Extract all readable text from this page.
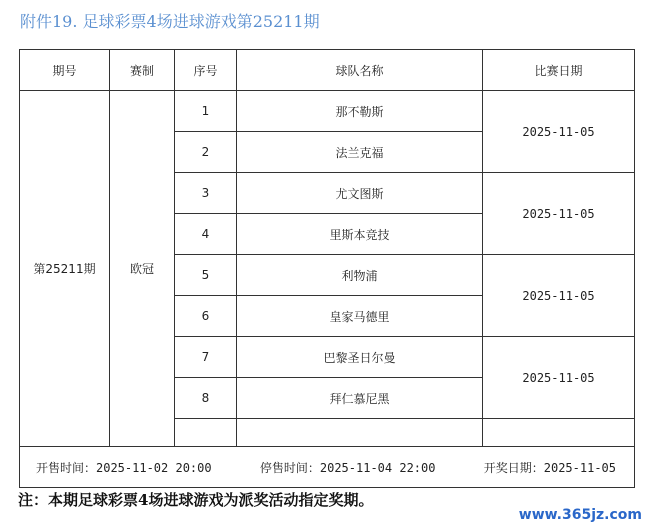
附件19. 足球彩票4场进球游戏第25211期
期号	赛制	序号	球队名称	比赛日期
第25211期	欧冠	1	那不勒斯	2025-11-05
		2	法兰克福	
		3	尤文图斯	2025-11-05
		4	里斯本竞技	
		5	利物浦	2025-11-05
		6	皇家马德里	
		7	巴黎圣日尔曼	2025-11-05
		8	拜仁慕尼黑	

开售时间：2025-11-02 20:00 停售时间：2025-11-04 22:00 开奖日期：2025-11-05				
注：本期足球彩票4场进球游戏为派奖活动指定奖期。
www.365jz.com
